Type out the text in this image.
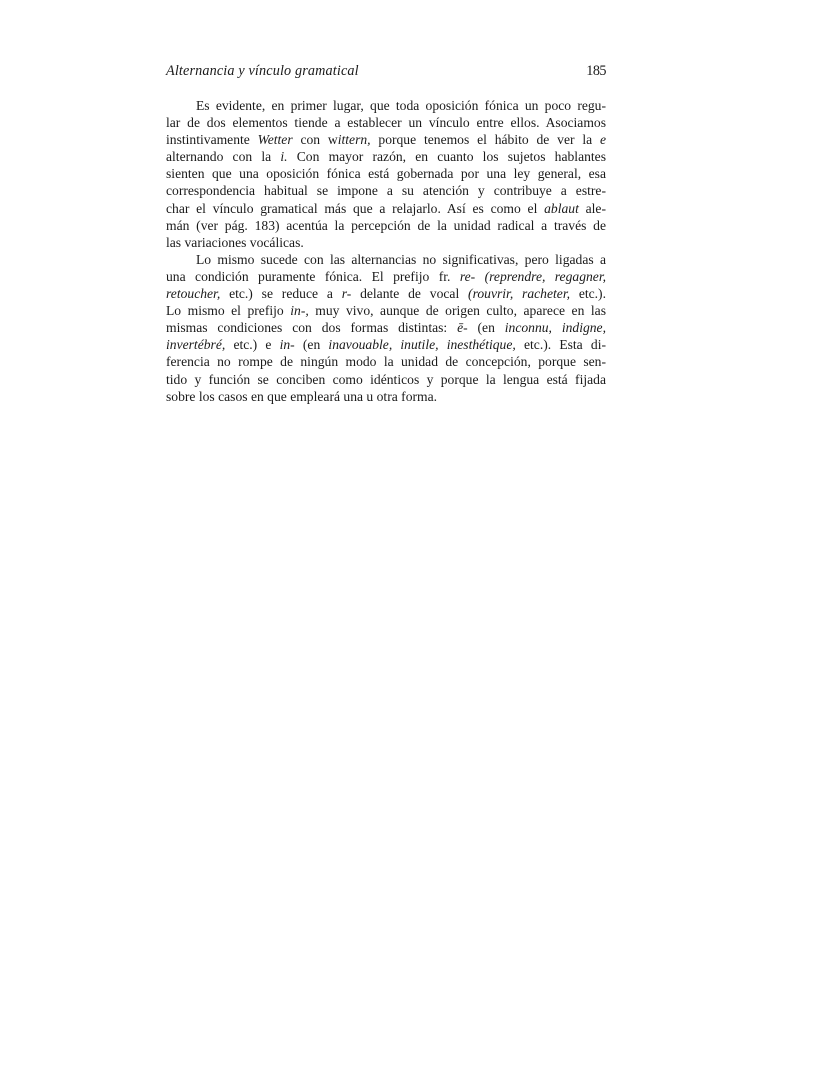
Alternancia y vínculo gramatical	185
Es evidente, en primer lugar, que toda oposición fónica un poco regu-
lar de dos elementos tiende a establecer un vínculo entre ellos. Asociamos
instintivamente Wetter con wittern, porque tenemos el hábito de ver la e
alternando con la i. Con mayor razón, en cuanto los sujetos hablantes
sienten que una oposición fónica está gobernada por una ley general, esa
correspondencia habitual se impone a su atención y contribuye a estre-
char el vínculo gramatical más que a relajarlo. Así es como el ablaut ale-
mán (ver pág. 183) acentúa la percepción de la unidad radical a través de
las variaciones vocálicas.
Lo mismo sucede con las alternancias no significativas, pero ligadas a
una condición puramente fónica. El prefijo fr. re- (reprendre, regagner,
retoucher, etc.) se reduce a r- delante de vocal (rouvrir, racheter, etc.).
Lo mismo el prefijo in-, muy vivo, aunque de origen culto, aparece en las
mismas condiciones con dos formas distintas: ē- (en inconnu, indigne,
invertébré, etc.) e in- (en inavouable, inutile, inesthétique, etc.). Esta di-
ferencia no rompe de ningún modo la unidad de concepción, porque sen-
tido y función se conciben como idénticos y porque la lengua está fijada
sobre los casos en que empleará una u otra forma.
